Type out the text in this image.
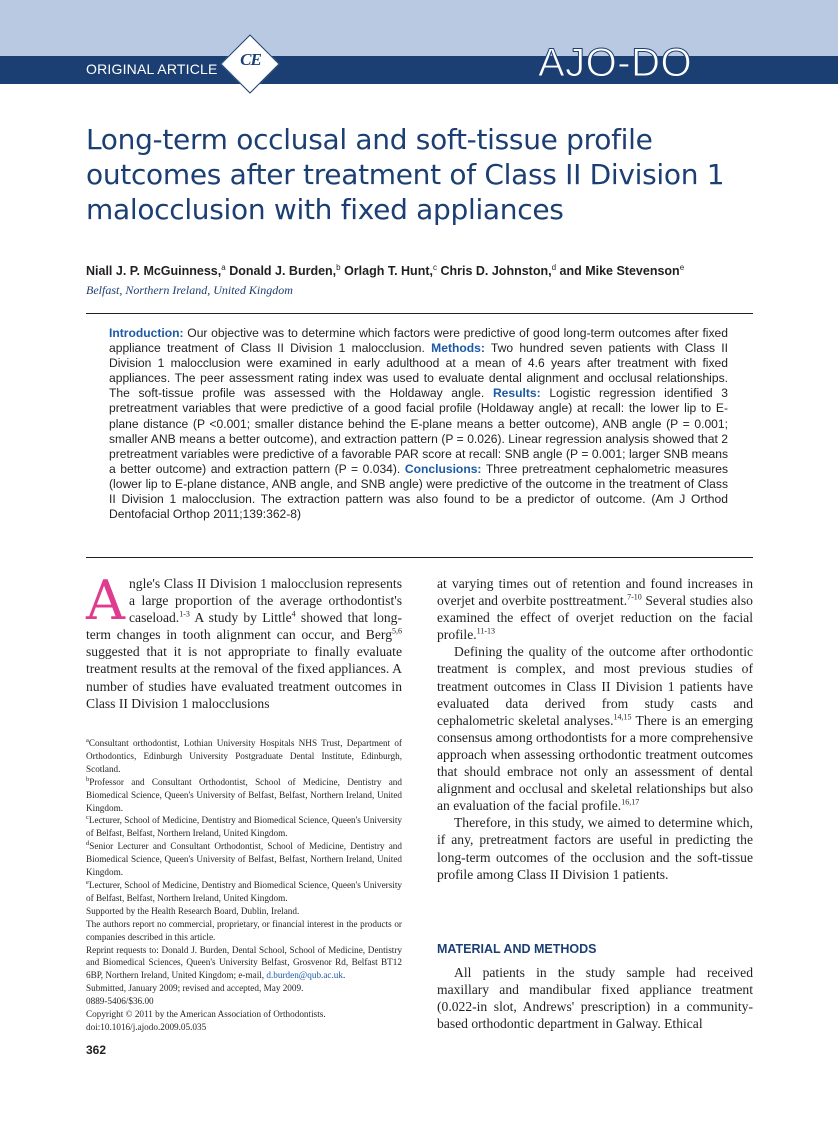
ORIGINAL ARTICLE	CE	AJO-DO
Long-term occlusal and soft-tissue profile outcomes after treatment of Class II Division 1 malocclusion with fixed appliances
Niall J. P. McGuinness,$^a$ Donald J. Burden,$^b$ Orlagh T. Hunt,$^c$ Chris D. Johnston,$^d$ and Mike Stevenson$^e$
Belfast, Northern Ireland, United Kingdom

Introduction: Our objective was to determine which factors were predictive of good long-term outcomes after fixed appliance treatment of Class II Division 1 malocclusion. Methods: Two hundred seven patients with Class II Division 1 malocclusion were examined in early adulthood at a mean of 4.6 years after treatment with fixed appliances. The peer assessment rating index was used to evaluate dental alignment and occlusal relationships. The soft-tissue profile was assessed with the Holdaway angle. Results: Logistic regression identified 3 pretreatment variables that were predictive of a good facial profile (Holdaway angle) at recall: the lower lip to E-plane distance (P <0.001; smaller distance behind the E-plane means a better outcome), ANB angle (P = 0.001; smaller ANB means a better outcome), and extraction pattern (P = 0.026). Linear regression analysis showed that 2 pretreatment variables were predictive of a favorable PAR score at recall: SNB angle (P = 0.001; larger SNB means a better outcome) and extraction pattern (P = 0.034). Conclusions: Three pretreatment cephalometric measures (lower lip to E-plane distance, ANB angle, and SNB angle) were predictive of the outcome in the treatment of Class II Division 1 malocclusion. The extraction pattern was also found to be a predictor of outcome. (Am J Orthod Dentofacial Orthop 2011;139:362-8)

Angle's Class II Division 1 malocclusion represents a large proportion of the average orthodontist's caseload.$^{1-3}$ A study by Little$^4$ showed that long-term changes in tooth alignment can occur, and Berg$^{5,6}$ suggested that it is not appropriate to finally evaluate treatment results at the removal of the fixed appliances. A number of studies have evaluated treatment outcomes in Class II Division 1 malocclusions

$^a$Consultant orthodontist, Lothian University Hospitals NHS Trust, Department of Orthodontics, Edinburgh University Postgraduate Dental Institute, Edinburgh, Scotland.

$^b$Professor and Consultant Orthodontist, School of Medicine, Dentistry and Biomedical Science, Queen's University of Belfast, Belfast, Northern Ireland, United Kingdom.

$^c$Lecturer, School of Medicine, Dentistry and Biomedical Science, Queen's University of Belfast, Belfast, Northern Ireland, United Kingdom.

$^d$Senior Lecturer and Consultant Orthodontist, School of Medicine, Dentistry and Biomedical Science, Queen's University of Belfast, Belfast, Northern Ireland, United Kingdom.

$^e$Lecturer, School of Medicine, Dentistry and Biomedical Science, Queen's University of Belfast, Belfast, Northern Ireland, United Kingdom.

Supported by the Health Research Board, Dublin, Ireland.

The authors report no commercial, proprietary, or financial interest in the products or companies described in this article.

Reprint requests to: Donald J. Burden, Dental School, School of Medicine, Dentistry and Biomedical Sciences, Queen's University Belfast, Grosvenor Rd, Belfast BT12 6BP, Northern Ireland, United Kingdom; e-mail, d.burden@qub.ac.uk.

Submitted, January 2009; revised and accepted, May 2009.

0889-5406/$36.00

Copyright © 2011 by the American Association of Orthodontists.

doi:10.1016/j.ajodo.2009.05.035

362

at varying times out of retention and found increases in overjet and overbite posttreatment.$^{7-10}$ Several studies also examined the effect of overjet reduction on the facial profile.$^{11-13}$

Defining the quality of the outcome after orthodontic treatment is complex, and most previous studies of treatment outcomes in Class II Division 1 patients have evaluated data derived from study casts and cephalometric skeletal analyses.$^{14,15}$ There is an emerging consensus among orthodontists for a more comprehensive approach when assessing orthodontic treatment outcomes that should embrace not only an assessment of dental alignment and occlusal and skeletal relationships but also an evaluation of the facial profile.$^{16,17}$

Therefore, in this study, we aimed to determine which, if any, pretreatment factors are useful in predicting the long-term outcomes of the occlusion and the soft-tissue profile among Class II Division 1 patients.

MATERIAL AND METHODS

All patients in the study sample had received maxillary and mandibular fixed appliance treatment (0.022-in slot, Andrews' prescription) in a community-based orthodontic department in Galway. Ethical
